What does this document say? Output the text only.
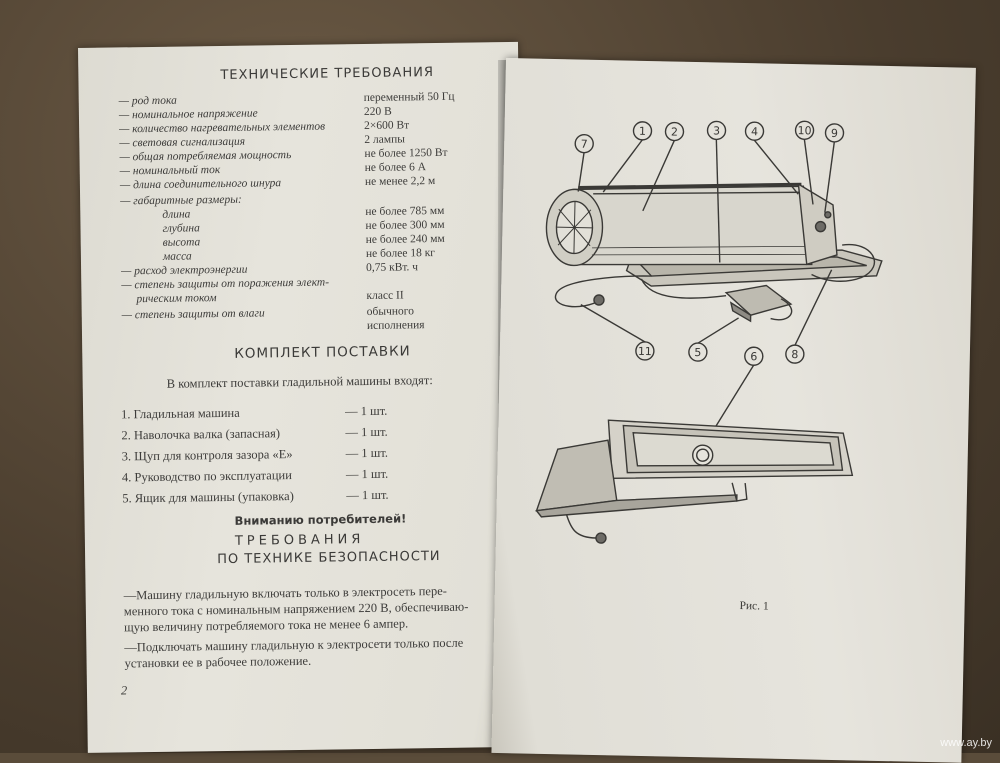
ТЕХНИЧЕСКИЕ ТРЕБОВАНИЯ
— род тока	переменный 50 Гц
— номинальное напряжение	220 В
— количество нагревательных элементов	2×600 Вт
— световая сигнализация	2 лампы
— общая потребляемая мощность	не более 1250 Вт
— номинальный ток	не более 6 А
— длина соединительного шнура	не менее 2,2 м
— габаритные размеры:
длина	не более 785 мм
глубина	не более 300 мм
высота	не более 240 мм
масса	не более 18 кг
— расход электроэнергии	0,75 кВт. ч
— степень защиты от поражения элект-
рическим током	класс II
— степень защиты от влаги	обычного
исполнения
КОМПЛЕКТ ПОСТАВКИ
В комплект поставки гладильной машины входят:
1. Гладильная машина	— 1 шт.
2. Наволочка валка (запасная)	— 1 шт.
3. Щуп для контроля зазора «Е»	— 1 шт.
4. Руководство по эксплуатации	— 1 шт.
5. Ящик для машины (упаковка)	— 1 шт.
Вниманию потребителей!
ТРЕБОВАНИЯ
ПО ТЕХНИКЕ БЕЗОПАСНОСТИ
—Машину гладильную включать только в электросеть пере-
менного тока с номинальным напряжением 220 В, обеспечиваю-
щую величину потребляемого тока не менее 6 ампер.
—Подключать машину гладильную к электросети только после
установки ее в рабочее положение.
2
1 2	3	4	10 9
7
11	5	8
6
Рис. 1
www.ay.by
